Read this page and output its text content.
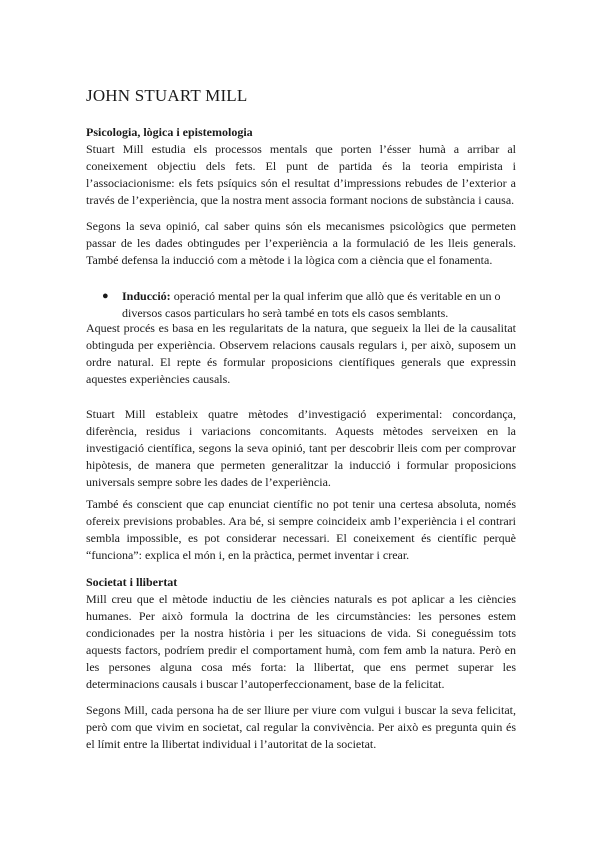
JOHN STUART MILL
Psicologia, lògica i epistemologia

Stuart Mill estudia els processos mentals que porten l’ésser humà a arribar al coneixement objectiu dels fets. El punt de partida és la teoria empirista i l’associacionisme: els fets psíquics són el resultat d’impressions rebudes de l’exterior a través de l’experiència, que la nostra ment associa formant nocions de substància i causa.

Segons la seva opinió, cal saber quins són els mecanismes psicològics que permeten passar de les dades obtingudes per l’experiència a la formulació de les lleis generals. També defensa la inducció com a mètode i la lògica com a ciència que el fonamenta.

● Inducció: operació mental per la qual inferim que allò que és veritable en un o diversos casos particulars ho serà també en tots els casos semblants.

Aquest procés es basa en les regularitats de la natura, que segueix la llei de la causalitat obtinguda per experiència. Observem relacions causals regulars i, per això, suposem un ordre natural. El repte és formular proposicions científiques generals que expressin aquestes experiències causals.

Stuart Mill estableix quatre mètodes d’investigació experimental: concordança, diferència, residus i variacions concomitants. Aquests mètodes serveixen en la investigació científica, segons la seva opinió, tant per descobrir lleis com per comprovar hipòtesis, de manera que permeten generalitzar la inducció i formular proposicions universals sempre sobre les dades de l’experiència.

També és conscient que cap enunciat científic no pot tenir una certesa absoluta, només ofereix previsions probables. Ara bé, si sempre coincideix amb l’experiència i el contrari sembla impossible, es pot considerar necessari. El coneixement és científic perquè “funciona”: explica el món i, en la pràctica, permet inventar i crear.

Societat i llibertat

Mill creu que el mètode inductiu de les ciències naturals es pot aplicar a les ciències humanes. Per això formula la doctrina de les circumstàncies: les persones estem condicionades per la nostra història i per les situacions de vida. Si coneguéssim tots aquests factors, podríem predir el comportament humà, com fem amb la natura. Però en les persones alguna cosa més forta: la llibertat, que ens permet superar les determinacions causals i buscar l’autoperfeccionament, base de la felicitat.

Segons Mill, cada persona ha de ser lliure per viure com vulgui i buscar la seva felicitat, però com que vivim en societat, cal regular la convivència. Per això es pregunta quin és el límit entre la llibertat individual i l’autoritat de la societat.
